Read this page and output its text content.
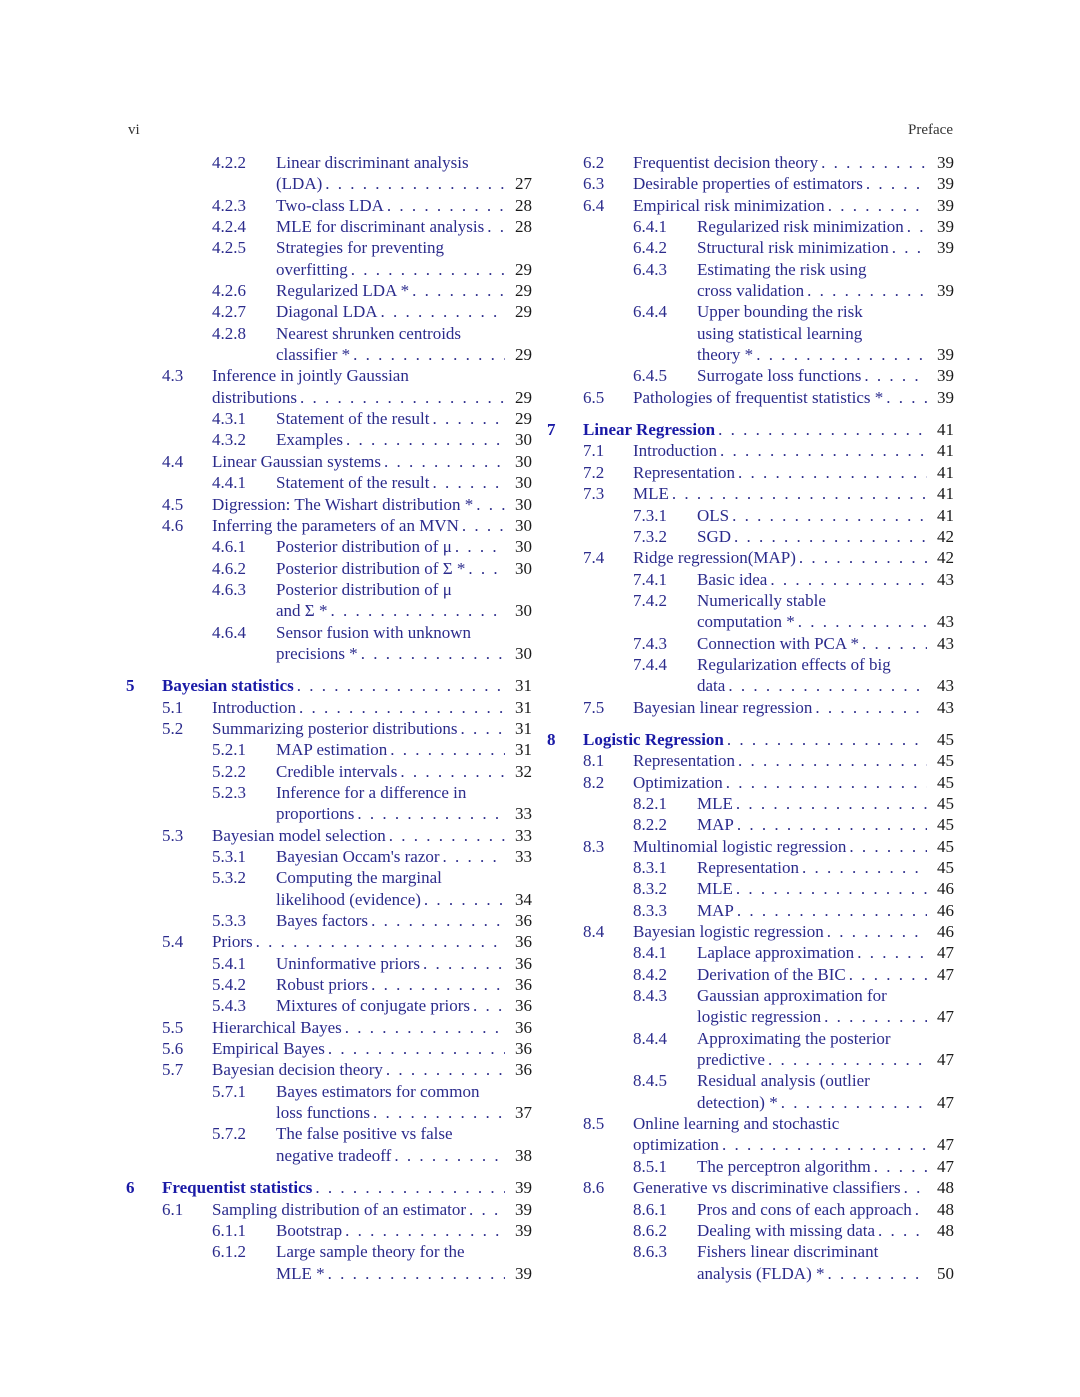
vi	Preface
4.2.2 Linear discriminant analysis
(LDA) . . .	27
4.2.3 Two-class LDA . . .	28
4.2.4 MLE for discriminant analysis . . .	28
4.2.5 Strategies for preventing
overfitting . . .	29
4.2.6 Regularized LDA * . . .	29
4.2.7 Diagonal LDA . . .	29
4.2.8 Nearest shrunken centroids
classifier * . . .	29
4.3 Inference in jointly Gaussian
distributions . . .	29
4.3.1 Statement of the result . . .	29
4.3.2 Examples . . .	30
4.4 Linear Gaussian systems . . .	30
4.4.1 Statement of the result . . .	30
4.5 Digression: The Wishart distribution * . . .	30
4.6 Inferring the parameters of an MVN . . .	30
4.6.1 Posterior distribution of μ . . .	30
4.6.2 Posterior distribution of Σ * . . .	30
4.6.3 Posterior distribution of μ
and Σ * . . .	30
4.6.4 Sensor fusion with unknown
precisions * . . .	30
5 Bayesian statistics . . .	31
5.1 Introduction . . .	31
5.2 Summarizing posterior distributions . . .	31
5.2.1 MAP estimation . . .	31
5.2.2 Credible intervals . . .	32
5.2.3 Inference for a difference in
proportions . . .	33
5.3 Bayesian model selection . . .	33
5.3.1 Bayesian Occam's razor . . .	33
5.3.2 Computing the marginal
likelihood (evidence) . . .	34
5.3.3 Bayes factors . . .	36
5.4 Priors . . .	36
5.4.1 Uninformative priors . . .	36
5.4.2 Robust priors . . .	36
5.4.3 Mixtures of conjugate priors . . .	36
5.5 Hierarchical Bayes . . .	36
5.6 Empirical Bayes . . .	36
5.7 Bayesian decision theory . . .	36
5.7.1 Bayes estimators for common
loss functions . . .	37
5.7.2 The false positive vs false
negative tradeoff . . .	38
6 Frequentist statistics . . .	39
6.1 Sampling distribution of an estimator . . .	39
6.1.1 Bootstrap . . .	39
6.1.2 Large sample theory for the
MLE * . . .	39
6.2 Frequentist decision theory . . .	39
6.3 Desirable properties of estimators . . .	39
6.4 Empirical risk minimization . . .	39
6.4.1 Regularized risk minimization . . .	39
6.4.2 Structural risk minimization . . .	39
6.4.3 Estimating the risk using
cross validation . . .	39
6.4.4 Upper bounding the risk
using statistical learning
theory * . . .	39
6.4.5 Surrogate loss functions . . .	39
6.5 Pathologies of frequentist statistics * . . .	39
7 Linear Regression . . .	41
7.1 Introduction . . .	41
7.2 Representation . . .	41
7.3 MLE . . .	41
7.3.1 OLS . . .	41
7.3.2 SGD . . .	42
7.4 Ridge regression(MAP) . . .	42
7.4.1 Basic idea . . .	43
7.4.2 Numerically stable
computation * . . .	43
7.4.3 Connection with PCA * . . .	43
7.4.4 Regularization effects of big
data . . .	43
7.5 Bayesian linear regression . . .	43
8 Logistic Regression . . .	45
8.1 Representation . . .	45
8.2 Optimization . . .	45
8.2.1 MLE . . .	45
8.2.2 MAP . . .	45
8.3 Multinomial logistic regression . . .	45
8.3.1 Representation . . .	45
8.3.2 MLE . . .	46
8.3.3 MAP . . .	46
8.4 Bayesian logistic regression . . .	46
8.4.1 Laplace approximation . . .	47
8.4.2 Derivation of the BIC . . .	47
8.4.3 Gaussian approximation for
logistic regression . . .	47
8.4.4 Approximating the posterior
predictive . . .	47
8.4.5 Residual analysis (outlier
detection) * . . .	47
8.5 Online learning and stochastic
optimization . . .	47
8.5.1 The perceptron algorithm . . .	47
8.6 Generative vs discriminative classifiers . . .	48
8.6.1 Pros and cons of each approach . . .	48
8.6.2 Dealing with missing data . . .	48
8.6.3 Fishers linear discriminant
analysis (FLDA) * . . .	50
